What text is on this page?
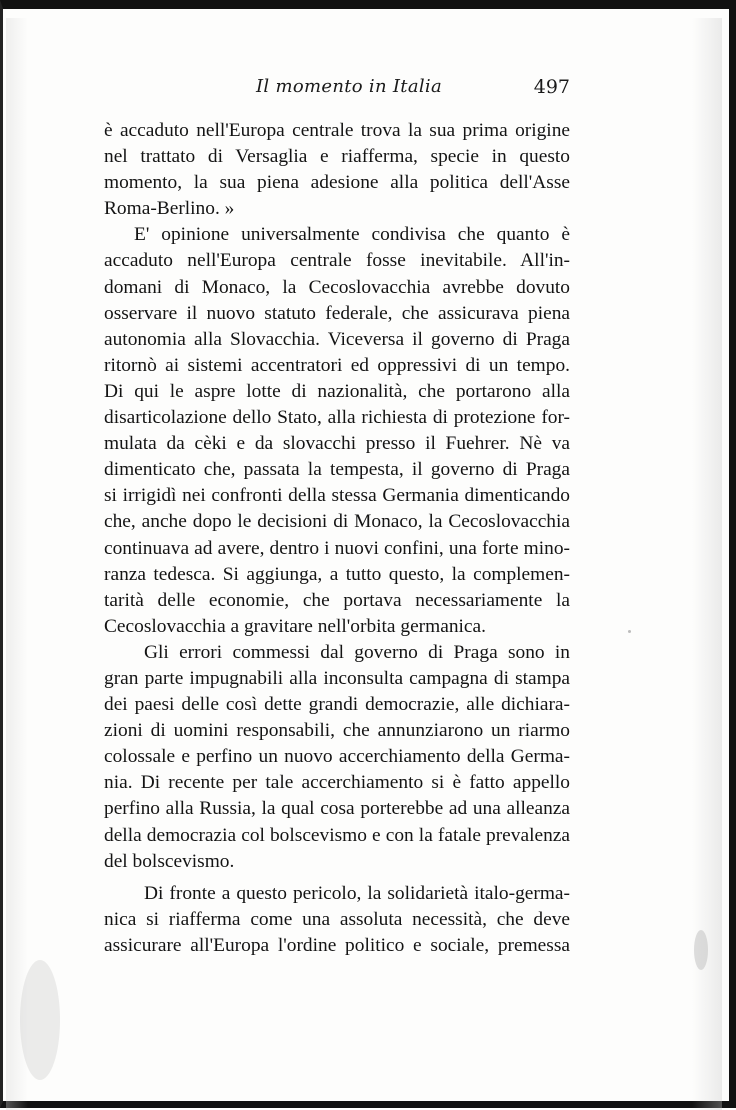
Il momento in Italia	497
è accaduto nell'Europa centrale trova la sua prima origine
nel trattato di Versaglia e riafferma, specie in questo
momento, la sua piena adesione alla politica dell'Asse
Roma-Berlino. »
E' opinione universalmente condivisa che quanto è
accaduto nell'Europa centrale fosse inevitabile. All'in-
domani di Monaco, la Cecoslovacchia avrebbe dovuto
osservare il nuovo statuto federale, che assicurava piena
autonomia alla Slovacchia. Viceversa il governo di Praga
ritornò ai sistemi accentratori ed oppressivi di un tempo.
Di qui le aspre lotte di nazionalità, che portarono alla
disarticolazione dello Stato, alla richiesta di protezione for-
mulata da cèki e da slovacchi presso il Fuehrer. Nè va
dimenticato che, passata la tempesta, il governo di Praga
si irrigidì nei confronti della stessa Germania dimenticando
che, anche dopo le decisioni di Monaco, la Cecoslovacchia
continuava ad avere, dentro i nuovi confini, una forte mino-
ranza tedesca. Si aggiunga, a tutto questo, la complemen-
tarità delle economie, che portava necessariamente la
Cecoslovacchia a gravitare nell'orbita germanica.
Gli errori commessi dal governo di Praga sono in
gran parte impugnabili alla inconsulta campagna di stampa
dei paesi delle così dette grandi democrazie, alle dichiara-
zioni di uomini responsabili, che annunziarono un riarmo
colossale e perfino un nuovo accerchiamento della Germa-
nia. Di recente per tale accerchiamento si è fatto appello
perfino alla Russia, la qual cosa porterebbe ad una alleanza
della democrazia col bolscevismo e con la fatale prevalenza
del bolscevismo.
Di fronte a questo pericolo, la solidarietà italo-germa-
nica si riafferma come una assoluta necessità, che deve
assicurare all'Europa l'ordine politico e sociale, premessa
